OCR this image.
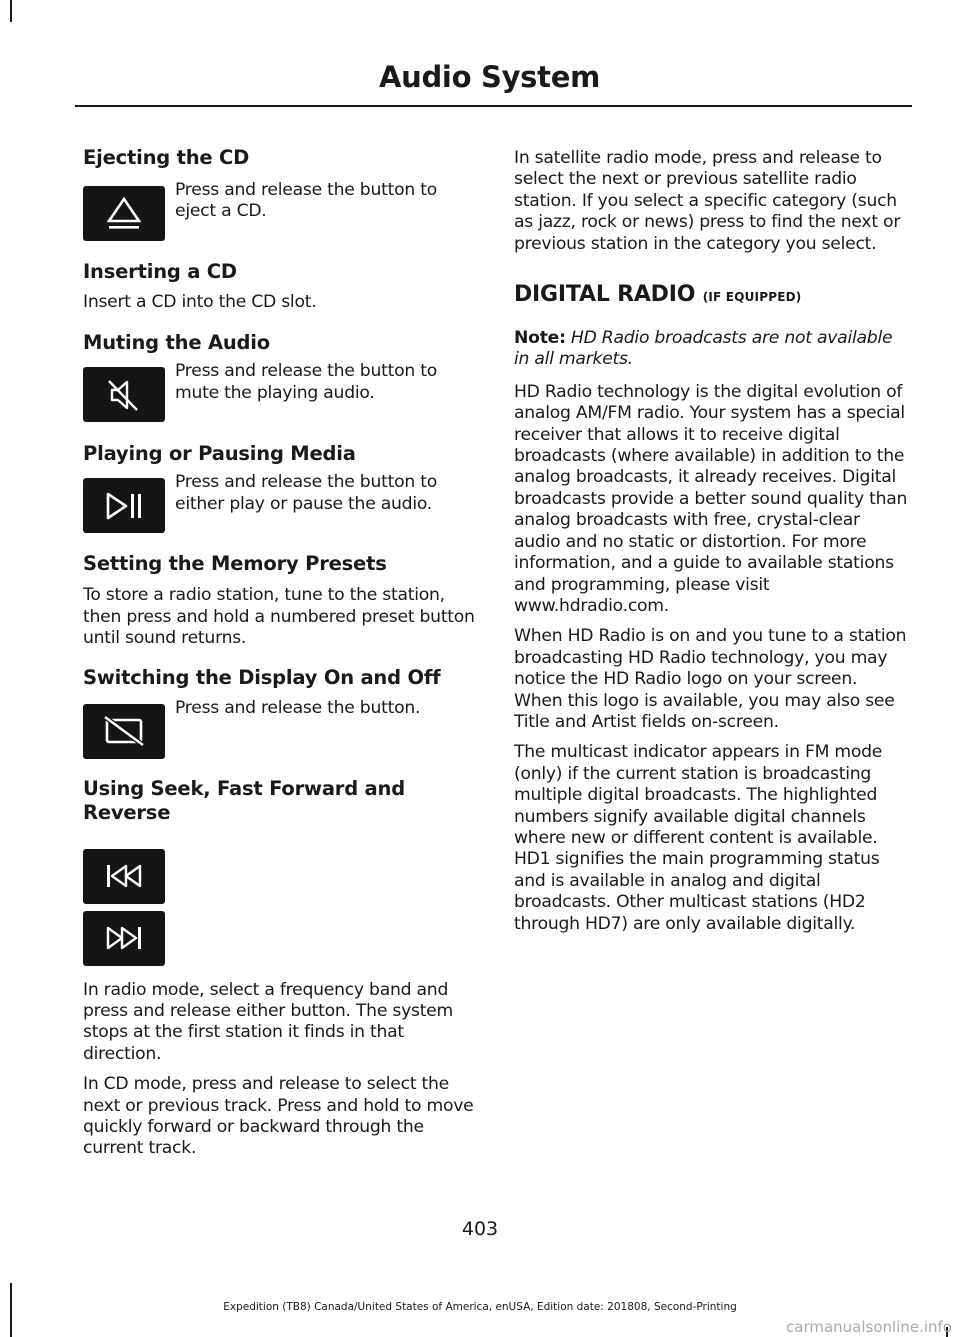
Audio System
Ejecting the CD

Press and release the button to eject a CD.

Inserting a CD

Insert a CD into the CD slot.

Muting the Audio

Press and release the button to mute the playing audio.

Playing or Pausing Media

Press and release the button to either play or pause the audio.

Setting the Memory Presets

To store a radio station, tune to the station, then press and hold a numbered preset button until sound returns.

Switching the Display On and Off

Press and release the button.

Using Seek, Fast Forward and Reverse

In radio mode, select a frequency band and press and release either button. The system stops at the first station it finds in that direction.

In CD mode, press and release to select the next or previous track. Press and hold to move quickly forward or backward through the current track.

In satellite radio mode, press and release to select the next or previous satellite radio station. If you select a specific category (such as jazz, rock or news) press to find the next or previous station in the category you select.

DIGITAL RADIO (IF EQUIPPED)

Note: HD Radio broadcasts are not available in all markets.

HD Radio technology is the digital evolution of analog AM/FM radio. Your system has a special receiver that allows it to receive digital broadcasts (where available) in addition to the analog broadcasts, it already receives. Digital broadcasts provide a better sound quality than analog broadcasts with free, crystal-clear audio and no static or distortion. For more information, and a guide to available stations and programming, please visit www.hdradio.com.

When HD Radio is on and you tune to a station broadcasting HD Radio technology, you may notice the HD Radio logo on your screen. When this logo is available, you may also see Title and Artist fields on-screen.

The multicast indicator appears in FM mode (only) if the current station is broadcasting multiple digital broadcasts. The highlighted numbers signify available digital channels where new or different content is available. HD1 signifies the main programming status and is available in analog and digital broadcasts. Other multicast stations (HD2 through HD7) are only available digitally.

403
Expedition (TB8) Canada/United States of America, enUSA, Edition date: 201808, Second-Printing
carmanualsonline.info
